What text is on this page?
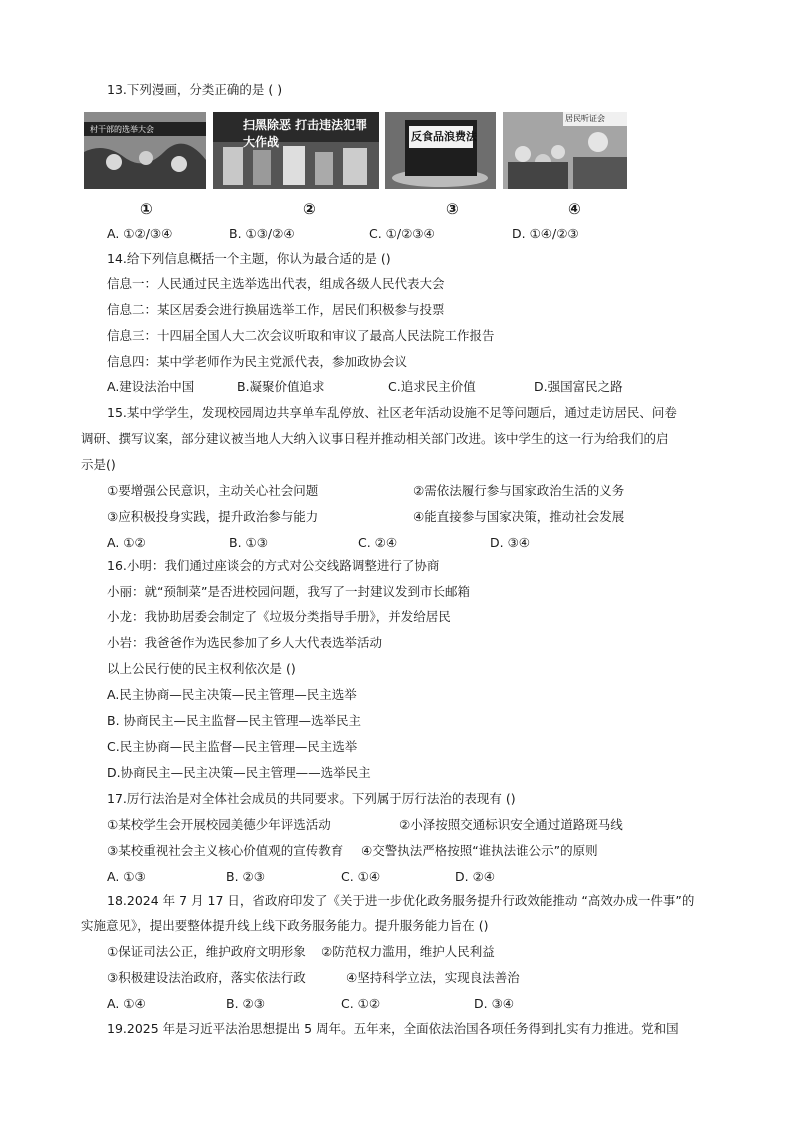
13.下列漫画，分类正确的是 ( )
村干部的选举大会	扫黑除恶 打击违法犯罪大作战	反食品浪费法
居民听证会
①	②	③	④
A. ①②/③④	B. ①③/②④	C. ①/②③④	D. ①④/②③
14.给下列信息概括一个主题，你认为最合适的是 ()
信息一：人民通过民主选举选出代表，组成各级人民代表大会
信息二：某区居委会进行换届选举工作，居民们积极参与投票
信息三：十四届全国人大二次会议听取和审议了最高人民法院工作报告
信息四：某中学老师作为民主党派代表，参加政协会议
A.建设法治中国	B.凝聚价值追求	C.追求民主价值	D.强国富民之路
15.某中学学生，发现校园周边共享单车乱停放、社区老年活动设施不足等问题后，通过走访居民、问卷
调研、撰写议案，部分建议被当地人大纳入议事日程并推动相关部门改进。该中学生的这一行为给我们的启
示是()
①要增强公民意识，主动关心社会问题	②需依法履行参与国家政治生活的义务
③应积极投身实践，提升政治参与能力	④能直接参与国家决策，推动社会发展
A. ①②	B. ①③	C. ②④	D. ③④
16.小明：我们通过座谈会的方式对公交线路调整进行了协商
小丽：就“预制菜”是否进校园问题，我写了一封建议发到市长邮箱
小龙：我协助居委会制定了《垃圾分类指导手册》，并发给居民
小岩：我爸爸作为选民参加了乡人大代表选举活动
以上公民行使的民主权利依次是 ()
A.民主协商—民主决策—民主管理—民主选举
B. 协商民主—民主监督—民主管理—选举民主
C.民主协商—民主监督—民主管理—民主选举
D.协商民主—民主决策—民主管理——选举民主
17.厉行法治是对全体社会成员的共同要求。下列属于厉行法治的表现有 ()
①某校学生会开展校园美德少年评选活动	②小泽按照交通标识安全通过道路斑马线
③某校重视社会主义核心价值观的宣传教育 ④交警执法严格按照“谁执法谁公示”的原则
A. ①③	B. ②③	C. ①④	D. ②④
18.2024 年 7 月 17 日，省政府印发了《关于进一步优化政务服务提升行政效能推动 “高效办成一件事”的
实施意见》，提出要整体提升线上线下政务服务能力。提升服务能力旨在 ()
①保证司法公正，维护政府文明形象 ②防范权力滥用，维护人民利益
③积极建设法治政府，落实依法行政	④坚持科学立法，实现良法善治
A. ①④	B. ②③	C. ①②	D. ③④
19.2025 年是习近平法治思想提出 5 周年。五年来，全面依法治国各项任务得到扎实有力推进。党和国
